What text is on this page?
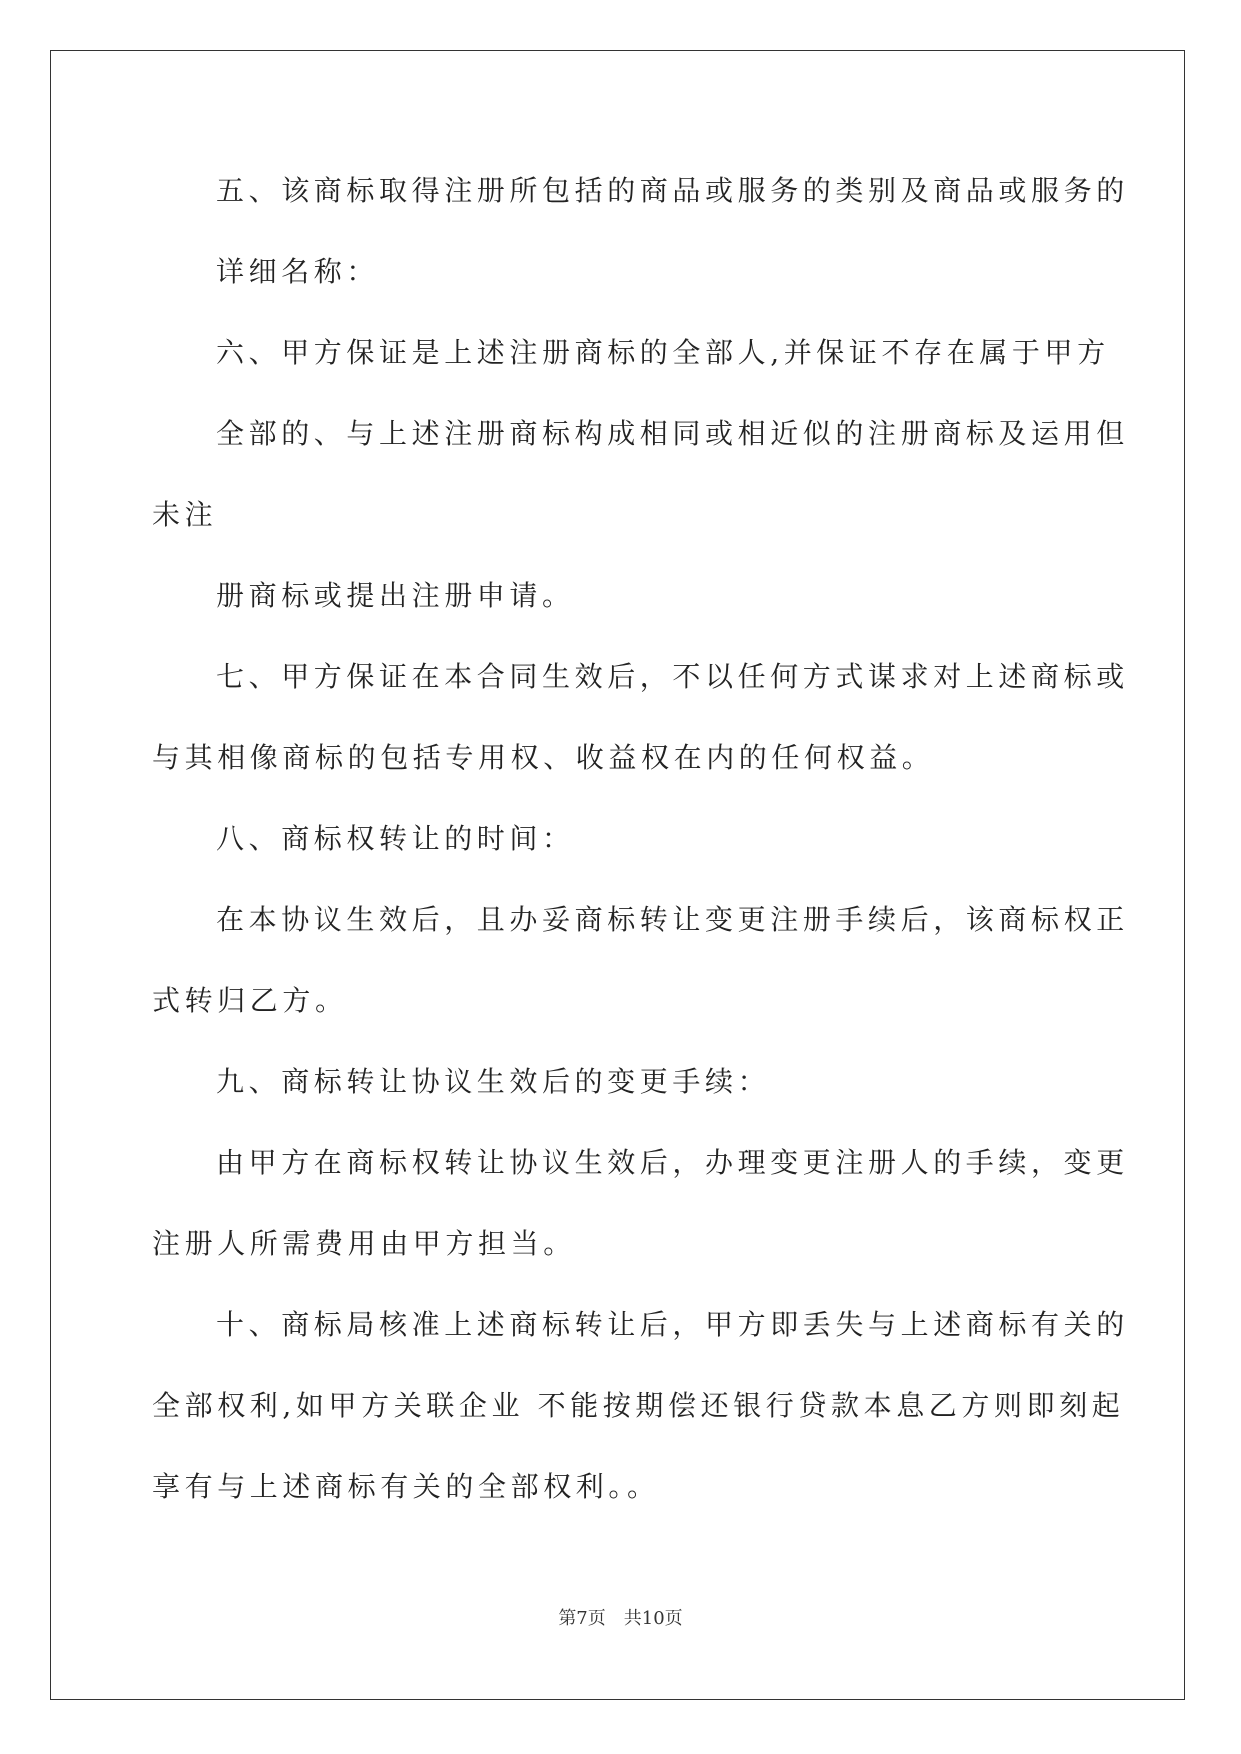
五、该商标取得注册所包括的商品或服务的类别及商品或服务的
详细名称：
六、甲方保证是上述注册商标的全部人,并保证不存在属于甲方
全部的、与上述注册商标构成相同或相近似的注册商标及运用但
未注
册商标或提出注册申请。
七、甲方保证在本合同生效后，不以任何方式谋求对上述商标或
与其相像商标的包括专用权、收益权在内的任何权益。
八、商标权转让的时间：
在本协议生效后，且办妥商标转让变更注册手续后，该商标权正
式转归乙方。
九、商标转让协议生效后的变更手续：
由甲方在商标权转让协议生效后，办理变更注册人的手续，变更
注册人所需费用由甲方担当。
十、商标局核准上述商标转让后，甲方即丢失与上述商标有关的
全部权利,如甲方关联企业 不能按期偿还银行贷款本息乙方则即刻起
享有与上述商标有关的全部权利。。
第7页　共10页
